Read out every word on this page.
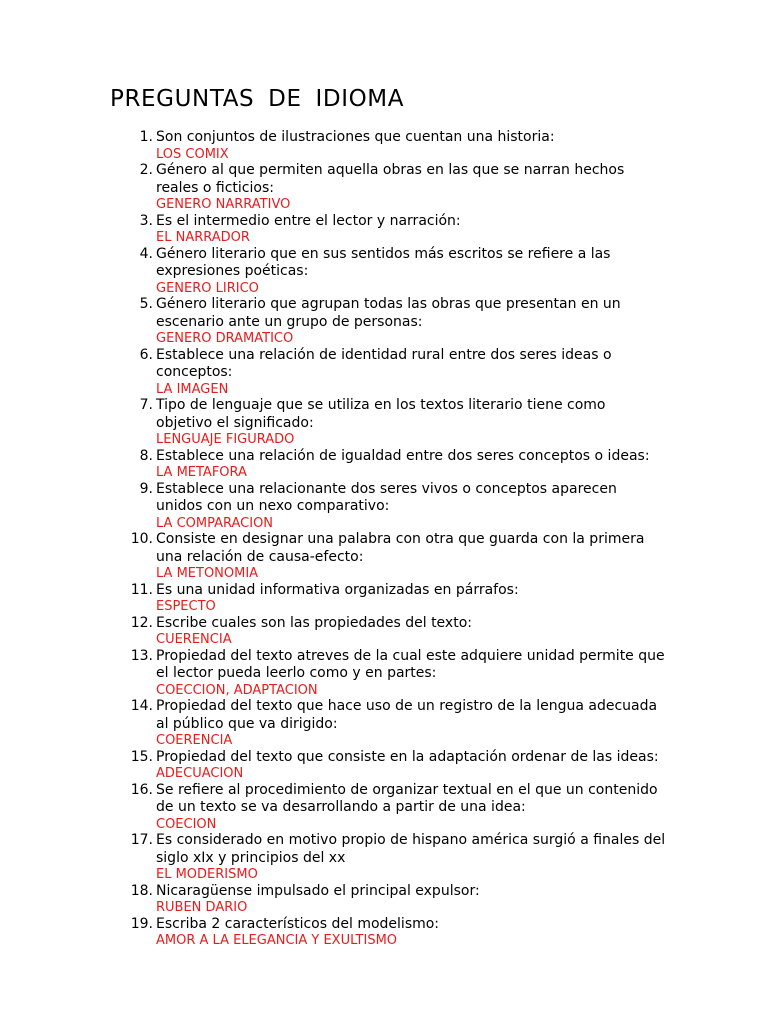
PREGUNTAS DE IDIOMA
1. Son conjuntos de ilustraciones que cuentan una historia:
LOS COMIX
2. Género al que permiten aquella obras en las que se narran hechos reales o ficticios:
GENERO NARRATIVO
3. Es el intermedio entre el lector y narración:
EL NARRADOR
4. Género literario que en sus sentidos más escritos se refiere a las expresiones poéticas:
GENERO LIRICO
5. Género literario que agrupan todas las obras que presentan en un escenario ante un grupo de personas:
GENERO DRAMATICO
6. Establece una relación de identidad rural entre dos seres ideas o conceptos:
LA IMAGEN
7. Tipo de lenguaje que se utiliza en los textos literario tiene como objetivo el significado:
LENGUAJE FIGURADO
8. Establece una relación de igualdad entre dos seres conceptos o ideas:
LA METAFORA
9. Establece una relacionante dos seres vivos o conceptos aparecen unidos con un nexo comparativo:
LA COMPARACION
10. Consiste en designar una palabra con otra que guarda con la primera una relación de causa-efecto:
LA METONOMIA
11. Es una unidad informativa organizadas en párrafos:
ESPECTO
12. Escribe cuales son las propiedades del texto:
CUERENCIA
13. Propiedad del texto atreves de la cual este adquiere unidad permite que el lector pueda leerlo como y en partes:
COECCION, ADAPTACION
14. Propiedad del texto que hace uso de un registro de la lengua adecuada al público que va dirigido:
COERENCIA
15. Propiedad del texto que consiste en la adaptación ordenar de las ideas:
ADECUACION
16. Se refiere al procedimiento de organizar textual en el que un contenido de un texto se va desarrollando a partir de una idea:
COECION
17. Es considerado en motivo propio de hispano américa surgió a finales del siglo xIx y principios del xx
EL MODERISMO
18. Nicaragüense impulsado el principal expulsor:
RUBEN DARIO
19. Escriba 2 característicos del modelismo:
AMOR A LA ELEGANCIA Y EXULTISMO
